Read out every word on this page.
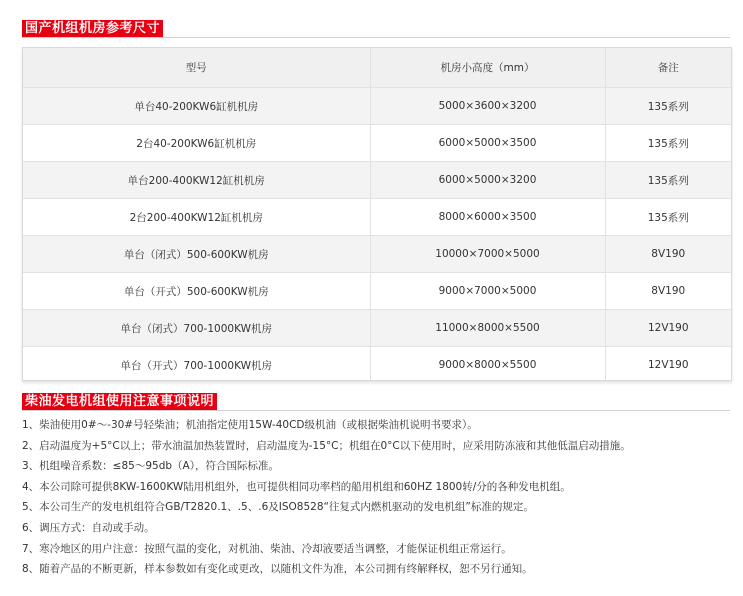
国产机组机房参考尺寸
型号	机房小高度（mm）	备注
单台40-200KW6缸机机房	5000×3600×3200	135系列
2台40-200KW6缸机机房	6000×5000×3500	135系列
单台200-400KW12缸机机房	6000×5000×3200	135系列
2台200-400KW12缸机机房	8000×6000×3500	135系列
单台（闭式）500-600KW机房	10000×7000×5000	8V190
单台（开式）500-600KW机房	9000×7000×5000	8V190
单台（闭式）700-1000KW机房	11000×8000×5500	12V190
单台（开式）700-1000KW机房	9000×8000×5500	12V190
柴油发电机组使用注意事项说明
1、柴油使用0#～-30#号轻柴油；机油指定使用15W-40CD级机油（或根据柴油机说明书要求）。
2、启动温度为+5°C以上；带水油温加热装置时，启动温度为-15°C；机组在0°C以下使用时，应采用防冻液和其他低温启动措施。
3、机组噪音系数：≤85～95db（A），符合国际标准。
4、本公司除可提供8KW-1600KW陆用机组外，也可提供相同功率档的船用机组和60HZ 1800转/分的各种发电机组。
5、本公司生产的发电机组符合GB/T2820.1、.5、.6及ISO8528“往复式内燃机驱动的发电机组”标准的规定。
6、调压方式：自动或手动。
7、寒冷地区的用户注意：按照气温的变化，对机油、柴油、冷却液要适当调整，才能保证机组正常运行。
8、随着产品的不断更新，样本参数如有变化或更改，以随机文件为准，本公司拥有终解释权，恕不另行通知。
